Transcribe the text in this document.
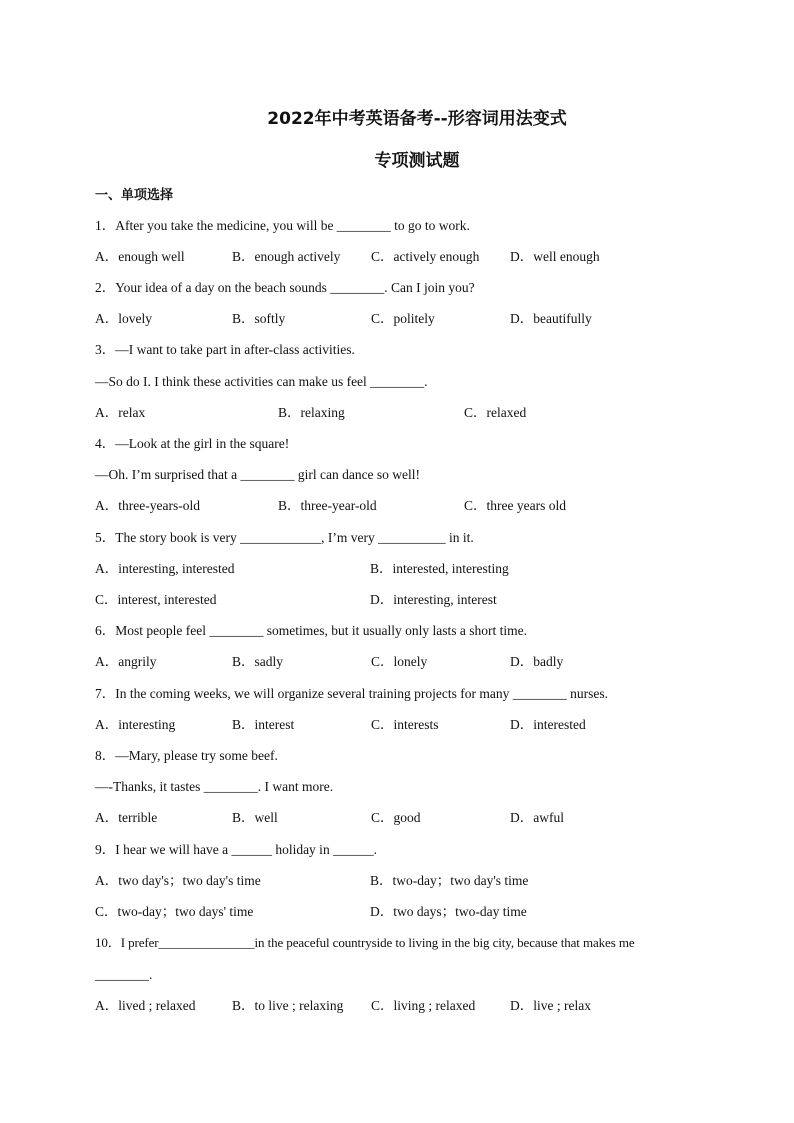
2022年中考英语备考--形容词用法变式
专项测试题
一、单项选择
1．After you take the medicine, you will be ________ to go to work.
A．enough well	B．enough actively C．actively enough D．well enough
2．Your idea of a day on the beach sounds ________. Can I join you?
A．lovely	B．softly	C．politely	D．beautifully
3．—I want to take part in after-class activities.
—So do I. I think these activities can make us feel ________.
A．relax	B．relaxing	C．relaxed
4．—Look at the girl in the square!
—Oh. I’m surprised that a ________ girl can dance so well!
A．three-years-old	B．three-year-old	C．three years old
5．The story book is very ____________, I’m very __________ in it.
A．interesting, interested	B．interested, interesting
C．interest, interested	D．interesting, interest
6．Most people feel ________ sometimes, but it usually only lasts a short time.
A．angrily	B．sadly	C．lonely	D．badly
7．In the coming weeks, we will organize several training projects for many ________ nurses.
A．interesting	B．interest	C．interests	D．interested
8．—Mary, please try some beef.
—-Thanks, it tastes ________. I want more.
A．terrible	B．well	C．good	D．awful
9．I hear we will have a ______ holiday in ______.
A．two day's；two day's time	B．two-day；two day's time
C．two-day；two days' time	D．two days；two-day time
10．I prefer_______________in the peaceful countryside to living in the big city, because that makes me
________.
A．lived ; relaxed	B．to live ; relaxing C．living ; relaxed	D．live ; relax
